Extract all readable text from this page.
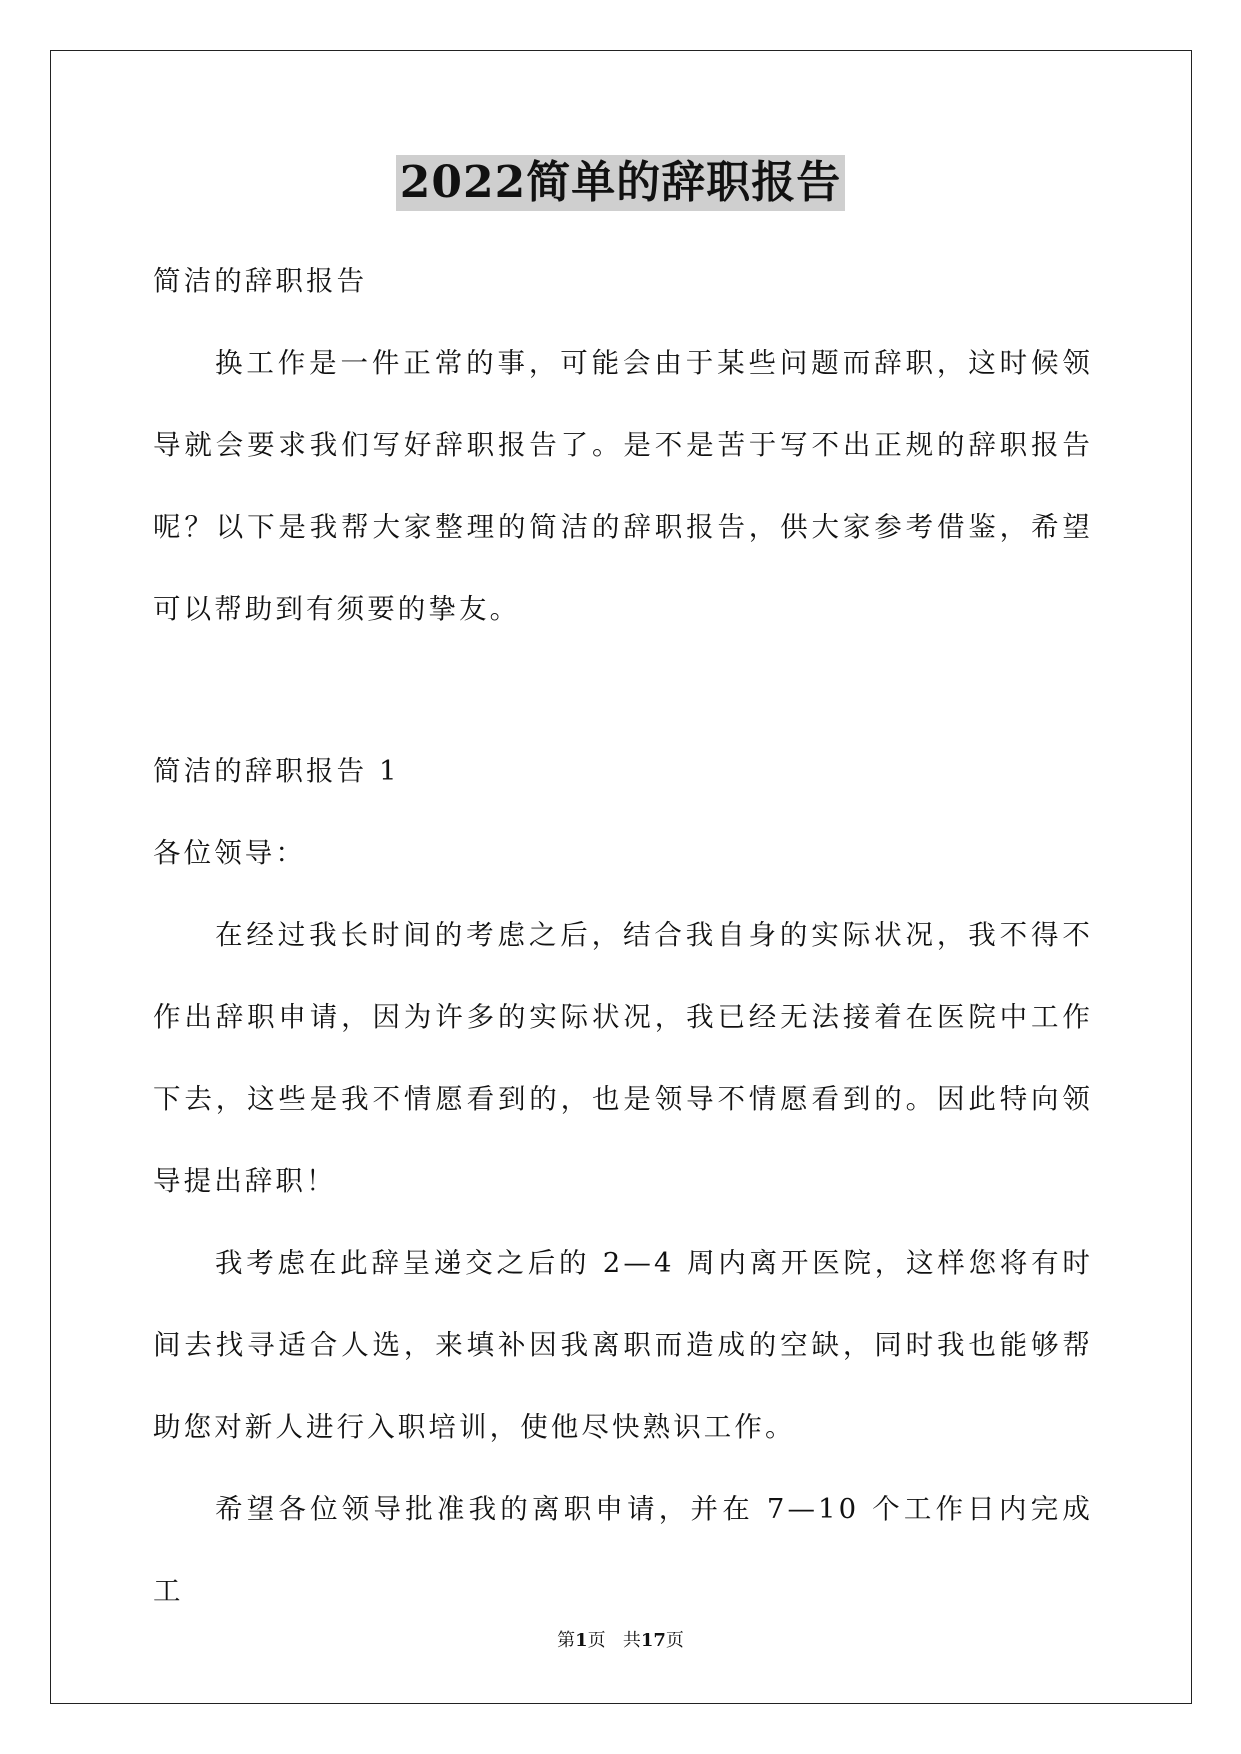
2022简单的辞职报告

简洁的辞职报告

换工作是一件正常的事，可能会由于某些问题而辞职，这时候领导就会要求我们写好辞职报告了。是不是苦于写不出正规的辞职报告呢？以下是我帮大家整理的简洁的辞职报告，供大家参考借鉴，希望可以帮助到有须要的挚友。

简洁的辞职报告 1

各位领导：

在经过我长时间的考虑之后，结合我自身的实际状况，我不得不作出辞职申请，因为许多的实际状况，我已经无法接着在医院中工作下去，这些是我不情愿看到的，也是领导不情愿看到的。因此特向领导提出辞职！

我考虑在此辞呈递交之后的 2—4 周内离开医院，这样您将有时间去找寻适合人选，来填补因我离职而造成的空缺，同时我也能够帮助您对新人进行入职培训，使他尽快熟识工作。

希望各位领导批准我的离职申请，并在 7—10 个工作日内完成工

第1页 共17页
